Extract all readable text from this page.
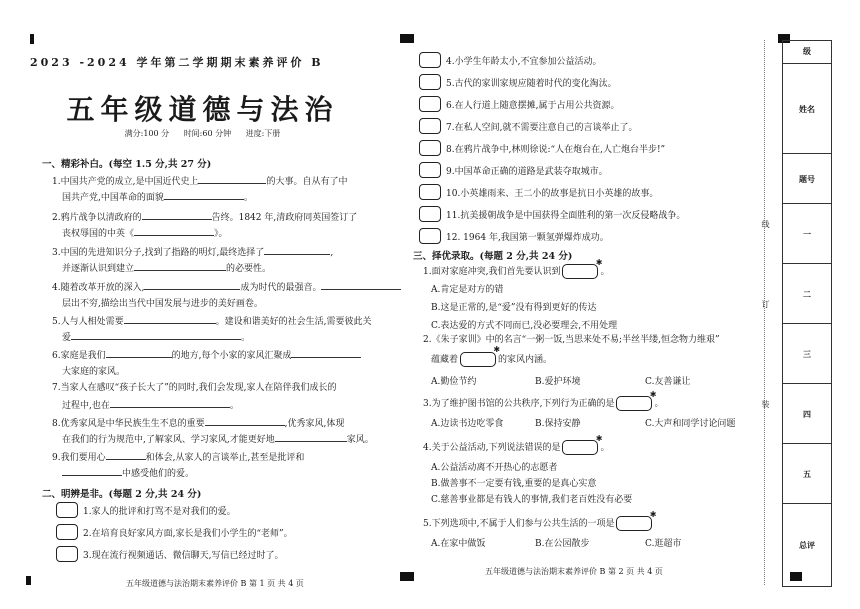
2023 -2024 学年第二学期期末素养评价 B
五年级道德与法治
满分:100 分 时间:60 分钟 进度:下册
一、精彩补白。(每空 1.5 分,共 27 分)
1.中国共产党的成立,是中国近代史上	的大事。自从有了中
国共产党,中国革命的面貌	。
2.鸦片战争以清政府的	告终。1842 年,清政府同英国签订了
丧权辱国的中英《	》。
3.中国的先进知识分子,找到了指路的明灯,最终选择了	,
并逐渐认识到建立	的必要性。
4.随着改革开放的深入,	成为时代的最强音。
层出不穷,描绘出当代中国发展与进步的美好画卷。
5.人与人相处需要	。建设和谐美好的社会生活,需要彼此关
爱	。
6.家庭是我们	的地方,每个小家的家风汇聚成
大家庭的家风。
7.当家人在感叹“孩子长大了”的同时,我们会发现,家人在陪伴我们成长的
过程中,也在	。
8.优秀家风是中华民族生生不息的重要	,优秀家风,体现
在我们的行为规范中,了解家风、学习家风,才能更好地	家风。
9.我们要用心	和体会,从家人的言谈举止,甚至是批评和
中感受他们的爱。
二、明辨是非。(每题 2 分,共 24 分)
1.家人的批评和打骂不是对我们的爱。
2.在培育良好家风方面,家长是我们小学生的“老师”。
3.现在流行视频通话、微信聊天,写信已经过时了。
五年级道德与法治期末素养评价 B 第 1 页 共 4 页
4.小学生年龄太小,不宜参加公益活动。
5.古代的家训家规应随着时代的变化淘汰。
6.在人行道上随意摆摊,属于占用公共资源。
7.在私人空间,就不需要注意自己的言谈举止了。
8.在鸦片战争中,林则徐说:“人在炮台在,人亡炮台半步!”
9.中国革命正确的道路是武装夺取城市。
10.小英雄雨来、王二小的故事是抗日小英雄的故事。
11.抗美援朝战争是中国获得全面胜利的第一次反侵略战争。
12. 1964 年,我国第一颗氢弹爆炸成功。
三、择优录取。(每题 2 分,共 24 分)
1.面对家庭冲突,我们首先要认识到 ✱	。
A.肯定是对方的错
B.这是正常的,是“爱”没有得到更好的传达
C.表达爱的方式不同而已,没必要理会,不用处理
2.《朱子家训》中的名言“一粥一饭,当思来处不易;半丝半缕,恒念物力维艰”
蕴藏着 ✱	的家风内涵。
A.勤俭节约	B.爱护环境	C.友善谦让
3.为了维护图书馆的公共秩序,下列行为正确的是 ✱	。
A.边读书边吃零食	B.保持安静	C.大声和同学讨论问题
4.关于公益活动,下列说法错误的是 ✱	。
A.公益活动离不开热心的志愿者
B.做善事不一定要有钱,重要的是真心实意
C.慈善事业都是有钱人的事情,我们老百姓没有必要
5.下列选项中,不属于人们参与公共生活的一项是✱
A.在家中做饭	B.在公园散步	C.逛超市
五年级道德与法治期末素养评价 B 第 2 页 共 4 页
线
订
装
级
姓名
题号
一
二
三
四
五
总评
